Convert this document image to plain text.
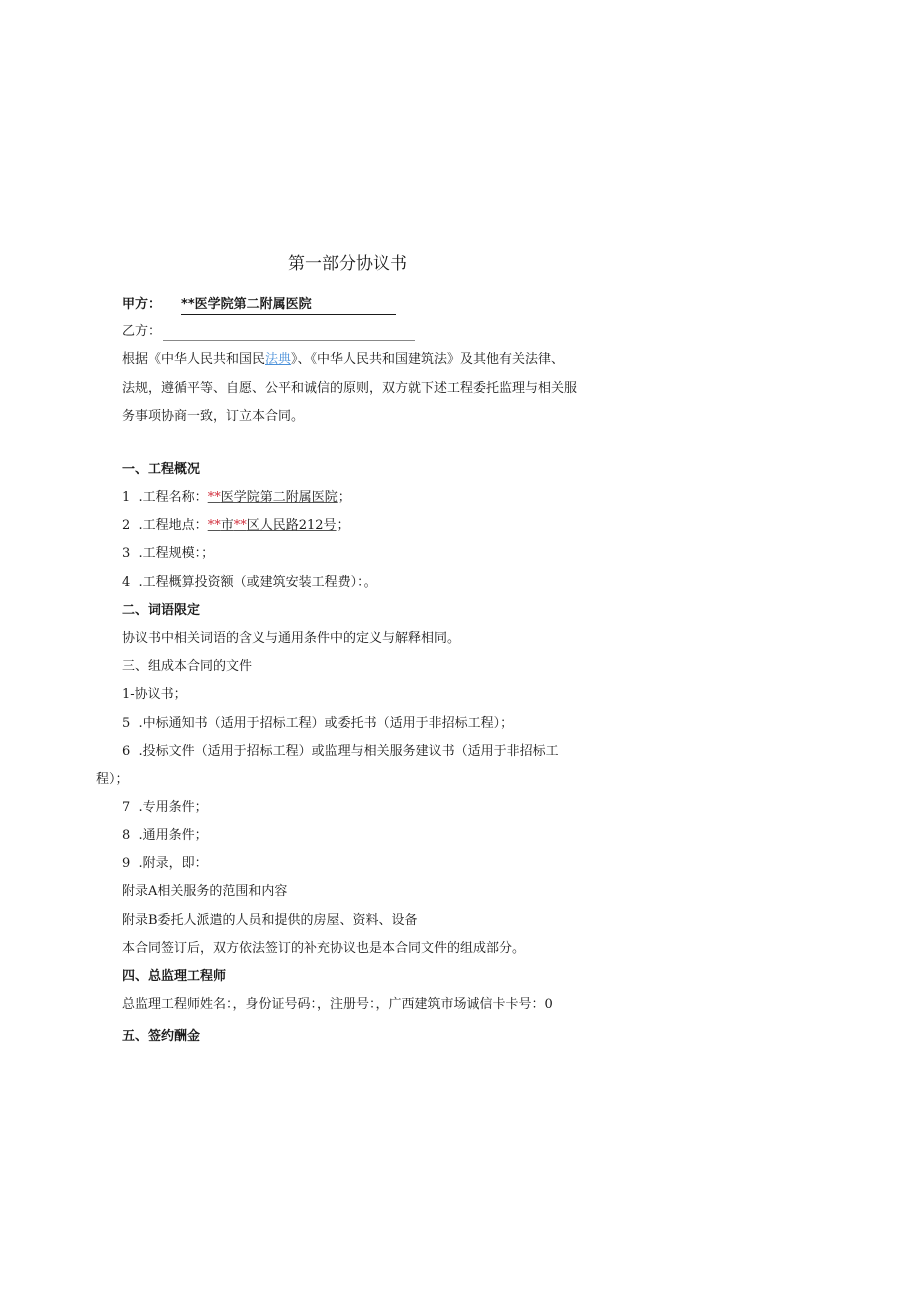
第一部分协议书
甲方： **医学院第二附属医院
乙方：
根据《中华人民共和国民法典》、《中华人民共和国建筑法》及其他有关法律、
法规，遵循平等、自愿、公平和诚信的原则，双方就下述工程委托监理与相关服
务事项协商一致，订立本合同。
一、工程概况
1 .工程名称：**医学院第二附属医院；
2 .工程地点：**市**区人民路212号；
3 .工程规模：；
4 .工程概算投资额（或建筑安装工程费）：。
二、词语限定
协议书中相关词语的含义与通用条件中的定义与解释相同。
三、组成本合同的文件
1-协议书；
5 .中标通知书（适用于招标工程）或委托书（适用于非招标工程）；
6 .投标文件（适用于招标工程）或监理与相关服务建议书（适用于非招标工
程）；
7 .专用条件；
8 .通用条件；
9 .附录，即：
附录A相关服务的范围和内容
附录B委托人派遣的人员和提供的房屋、资料、设备
本合同签订后，双方依法签订的补充协议也是本合同文件的组成部分。
四、总监理工程师
总监理工程师姓名：，身份证号码：，注册号：，广西建筑市场诚信卡卡号：0
五、签约酬金
